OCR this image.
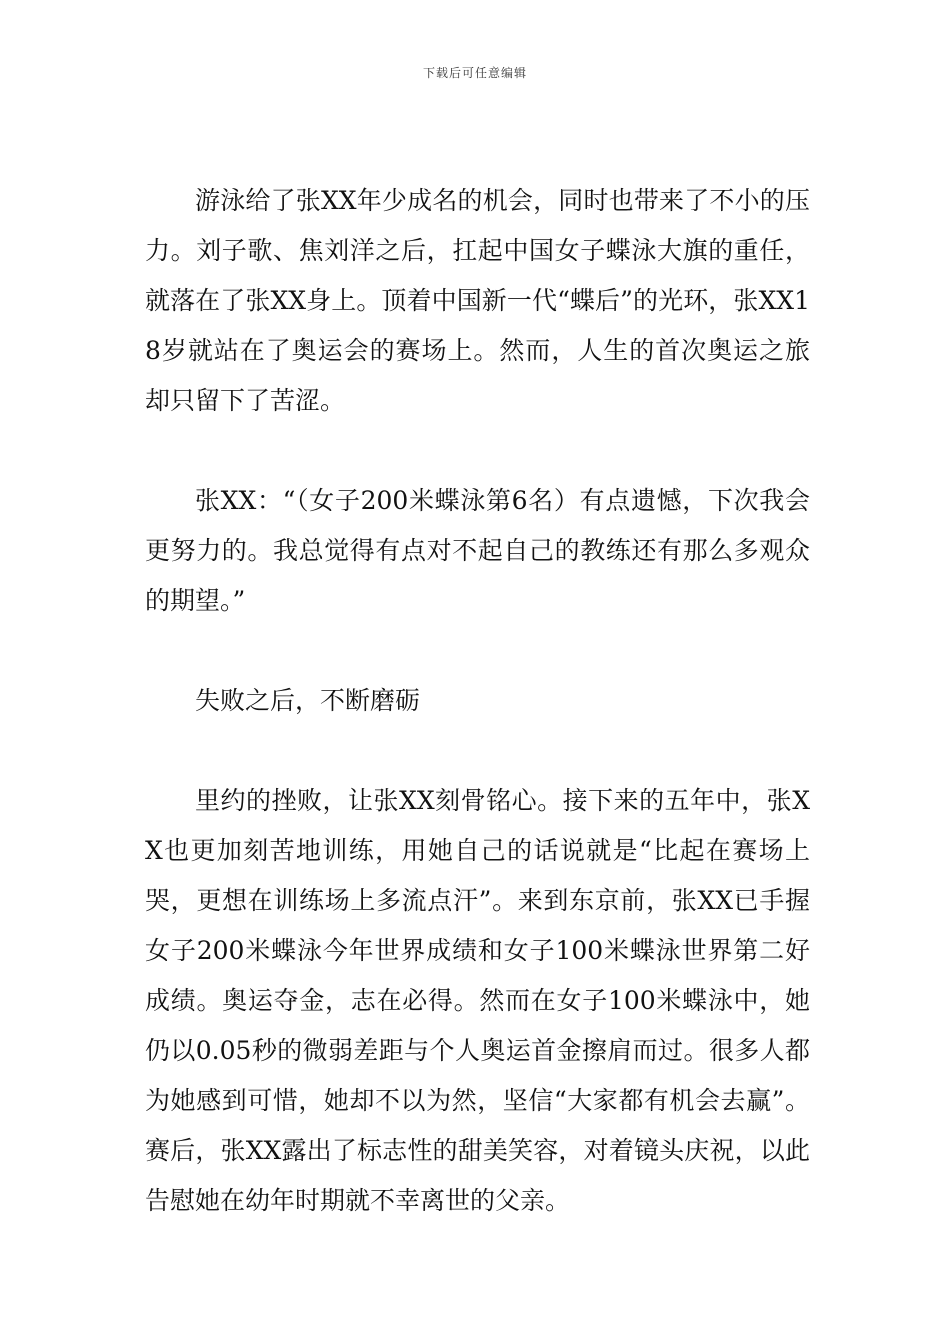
下载后可任意编辑

游泳给了张XX年少成名的机会，同时也带来了不小的压力。刘子歌、焦刘洋之后，扛起中国女子蝶泳大旗的重任，就落在了张XX身上。顶着中国新一代“蝶后”的光环，张XX18岁就站在了奥运会的赛场上。然而，人生的首次奥运之旅却只留下了苦涩。

张XX：“（女子200米蝶泳第6名）有点遗憾，下次我会更努力的。我总觉得有点对不起自己的教练还有那么多观众的期望。”

失败之后，不断磨砺

里约的挫败，让张XX刻骨铭心。接下来的五年中，张XX也更加刻苦地训练，用她自己的话说就是“比起在赛场上哭，更想在训练场上多流点汗”。来到东京前，张XX已手握女子200米蝶泳今年世界成绩和女子100米蝶泳世界第二好成绩。奥运夺金，志在必得。然而在女子100米蝶泳中，她仍以0.05秒的微弱差距与个人奥运首金擦肩而过。很多人都为她感到可惜，她却不以为然，坚信“大家都有机会去赢”。赛后，张XX露出了标志性的甜美笑容，对着镜头庆祝，以此告慰她在幼年时期就不幸离世的父亲。
